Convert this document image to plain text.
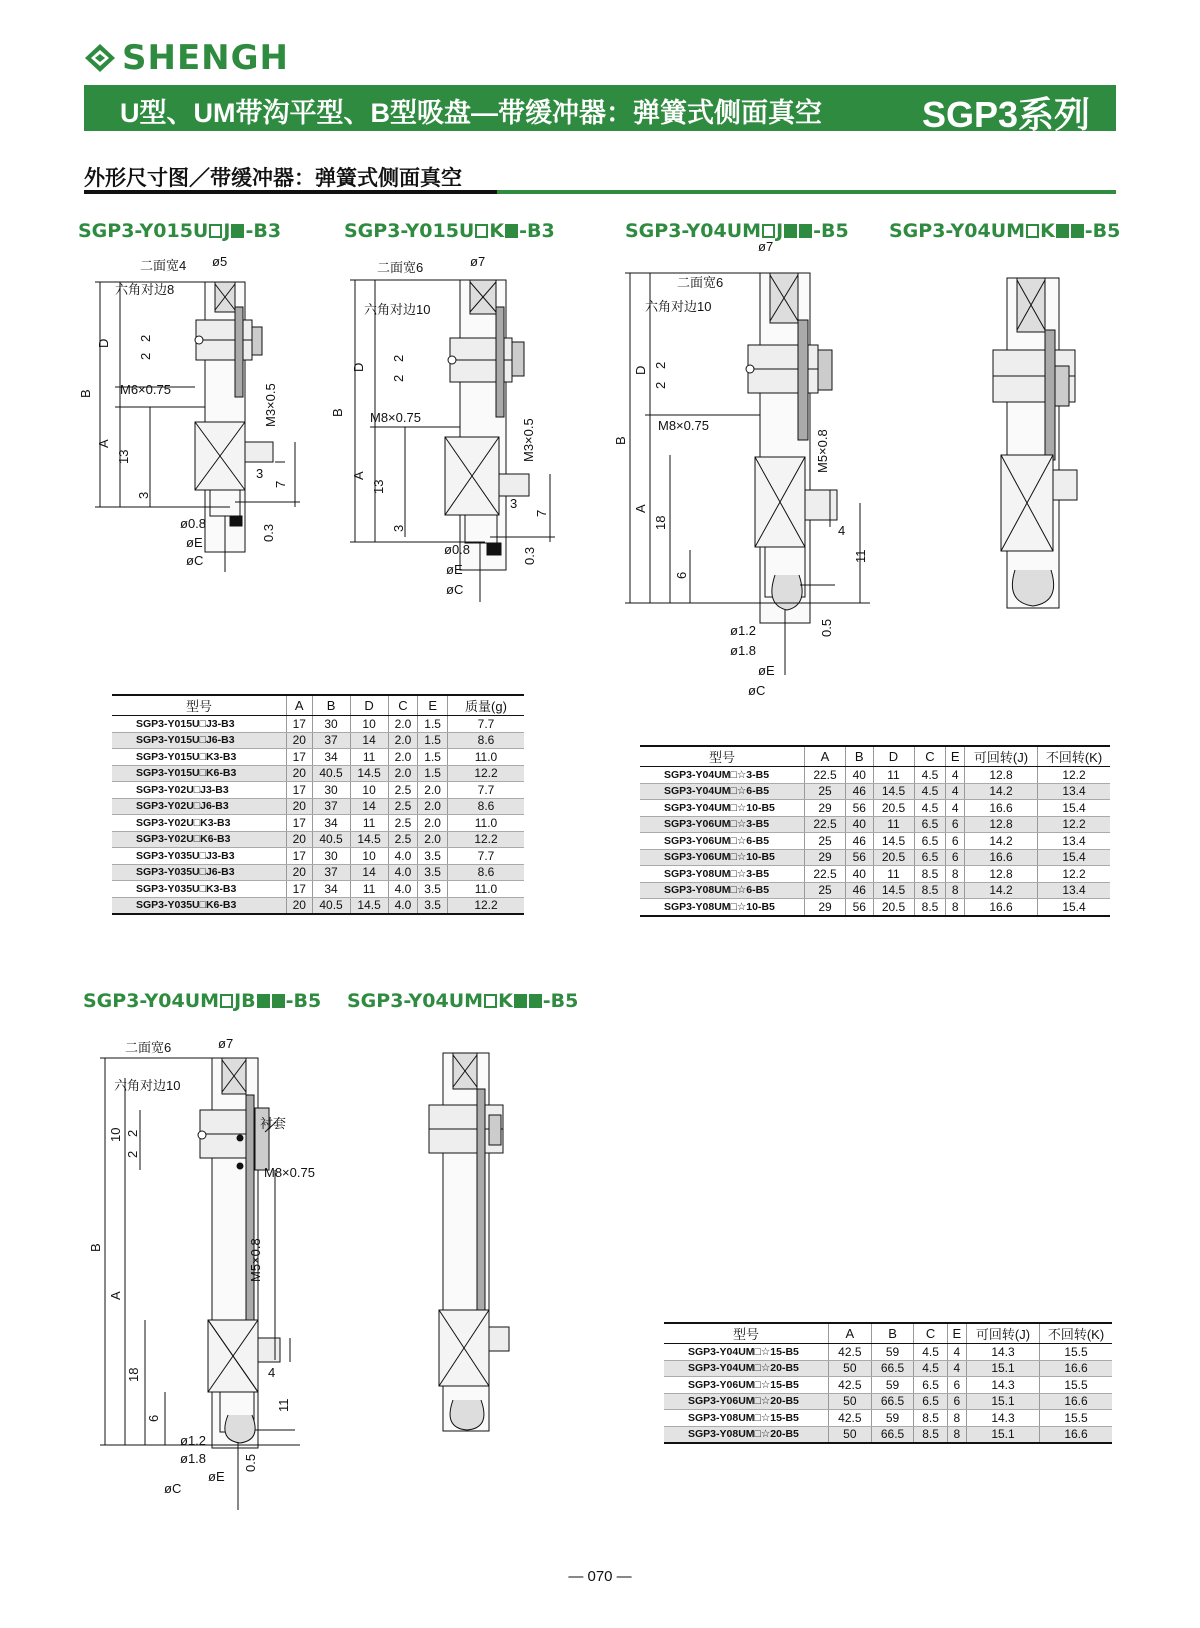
SHENGH
U型、UM带沟平型、B型吸盘—带缓冲器：弹簧式侧面真空	SGP3系列
外形尺寸图／带缓冲器：弹簧式侧面真空
SGP3-Y015U J -B3	SGP3-Y015U K -B3	SGP3-Y04UM J -B5 SGP3-Y04UM K -B5
二面宽4 ø5
六角对边8
M6×0.75	M3×0.5
D
B
A
13
3
2
2
3
7
0.3
ø0.8
øE
øC
二面宽6	ø7
六角对边10
M8×0.75
M3×0.5
D
B
A
13
3
2
2
3
7
0.3
ø0.8
øE
øC
二面宽6
ø7
六角对边10
M8×0.75
M5×0.8
D
B
A
18
6
2
2
4
11
0.5
ø1.2
ø1.8
øE
øC
型号	A	B	D	C	E	质量(g)
SGP3-Y015U□J3-B3	17	30	10	2.0	1.5	7.7
SGP3-Y015U□J6-B3	20	37	14	2.0	1.5	8.6
SGP3-Y015U□K3-B3	17	34	11	2.0	1.5	11.0
SGP3-Y015U□K6-B3	20	40.5	14.5	2.0	1.5	12.2
SGP3-Y02U□J3-B3	17	30	10	2.5	2.0	7.7
SGP3-Y02U□J6-B3	20	37	14	2.5	2.0	8.6
SGP3-Y02U□K3-B3	17	34	11	2.5	2.0	11.0
SGP3-Y02U□K6-B3	20	40.5	14.5	2.5	2.0	12.2
SGP3-Y035U□J3-B3	17	30	10	4.0	3.5	7.7
SGP3-Y035U□J6-B3	20	37	14	4.0	3.5	8.6
SGP3-Y035U□K3-B3	17	34	11	4.0	3.5	11.0
SGP3-Y035U□K6-B3	20	40.5	14.5	4.0	3.5	12.2
型号	A	B	D	C	E	可回转(J)	不回转(K)
SGP3-Y04UM□☆3-B5	22.5	40	11	4.5	4	12.8	12.2
SGP3-Y04UM□☆6-B5	25	46	14.5	4.5	4	14.2	13.4
SGP3-Y04UM□☆10-B5	29	56	20.5	4.5	4	16.6	15.4
SGP3-Y06UM□☆3-B5	22.5	40	11	6.5	6	12.8	12.2
SGP3-Y06UM□☆6-B5	25	46	14.5	6.5	6	14.2	13.4
SGP3-Y06UM□☆10-B5	29	56	20.5	6.5	6	16.6	15.4
SGP3-Y08UM□☆3-B5	22.5	40	11	8.5	8	12.8	12.2
SGP3-Y08UM□☆6-B5	25	46	14.5	8.5	8	14.2	13.4
SGP3-Y08UM□☆10-B5	29	56	20.5	8.5	8	16.6	15.4
SGP3-Y04UM JB -B5 SGP3-Y04UM K -B5
二面宽6	ø7
六角对边10
衬套
M8×0.75
M5×0.8
B
A
10 2
2
18
6
4
11
0.5
ø1.2
ø1.8
øE
øC
型号	A	B	C	E	可回转(J)	不回转(K)
SGP3-Y04UM□☆15-B5	42.5	59	4.5	4	14.3	15.5
SGP3-Y04UM□☆20-B5	50	66.5	4.5	4	15.1	16.6
SGP3-Y06UM□☆15-B5	42.5	59	6.5	6	14.3	15.5
SGP3-Y06UM□☆20-B5	50	66.5	6.5	6	15.1	16.6
SGP3-Y08UM□☆15-B5	42.5	59	8.5	8	14.3	15.5
SGP3-Y08UM□☆20-B5	50	66.5	8.5	8	15.1	16.6
— 070 —
